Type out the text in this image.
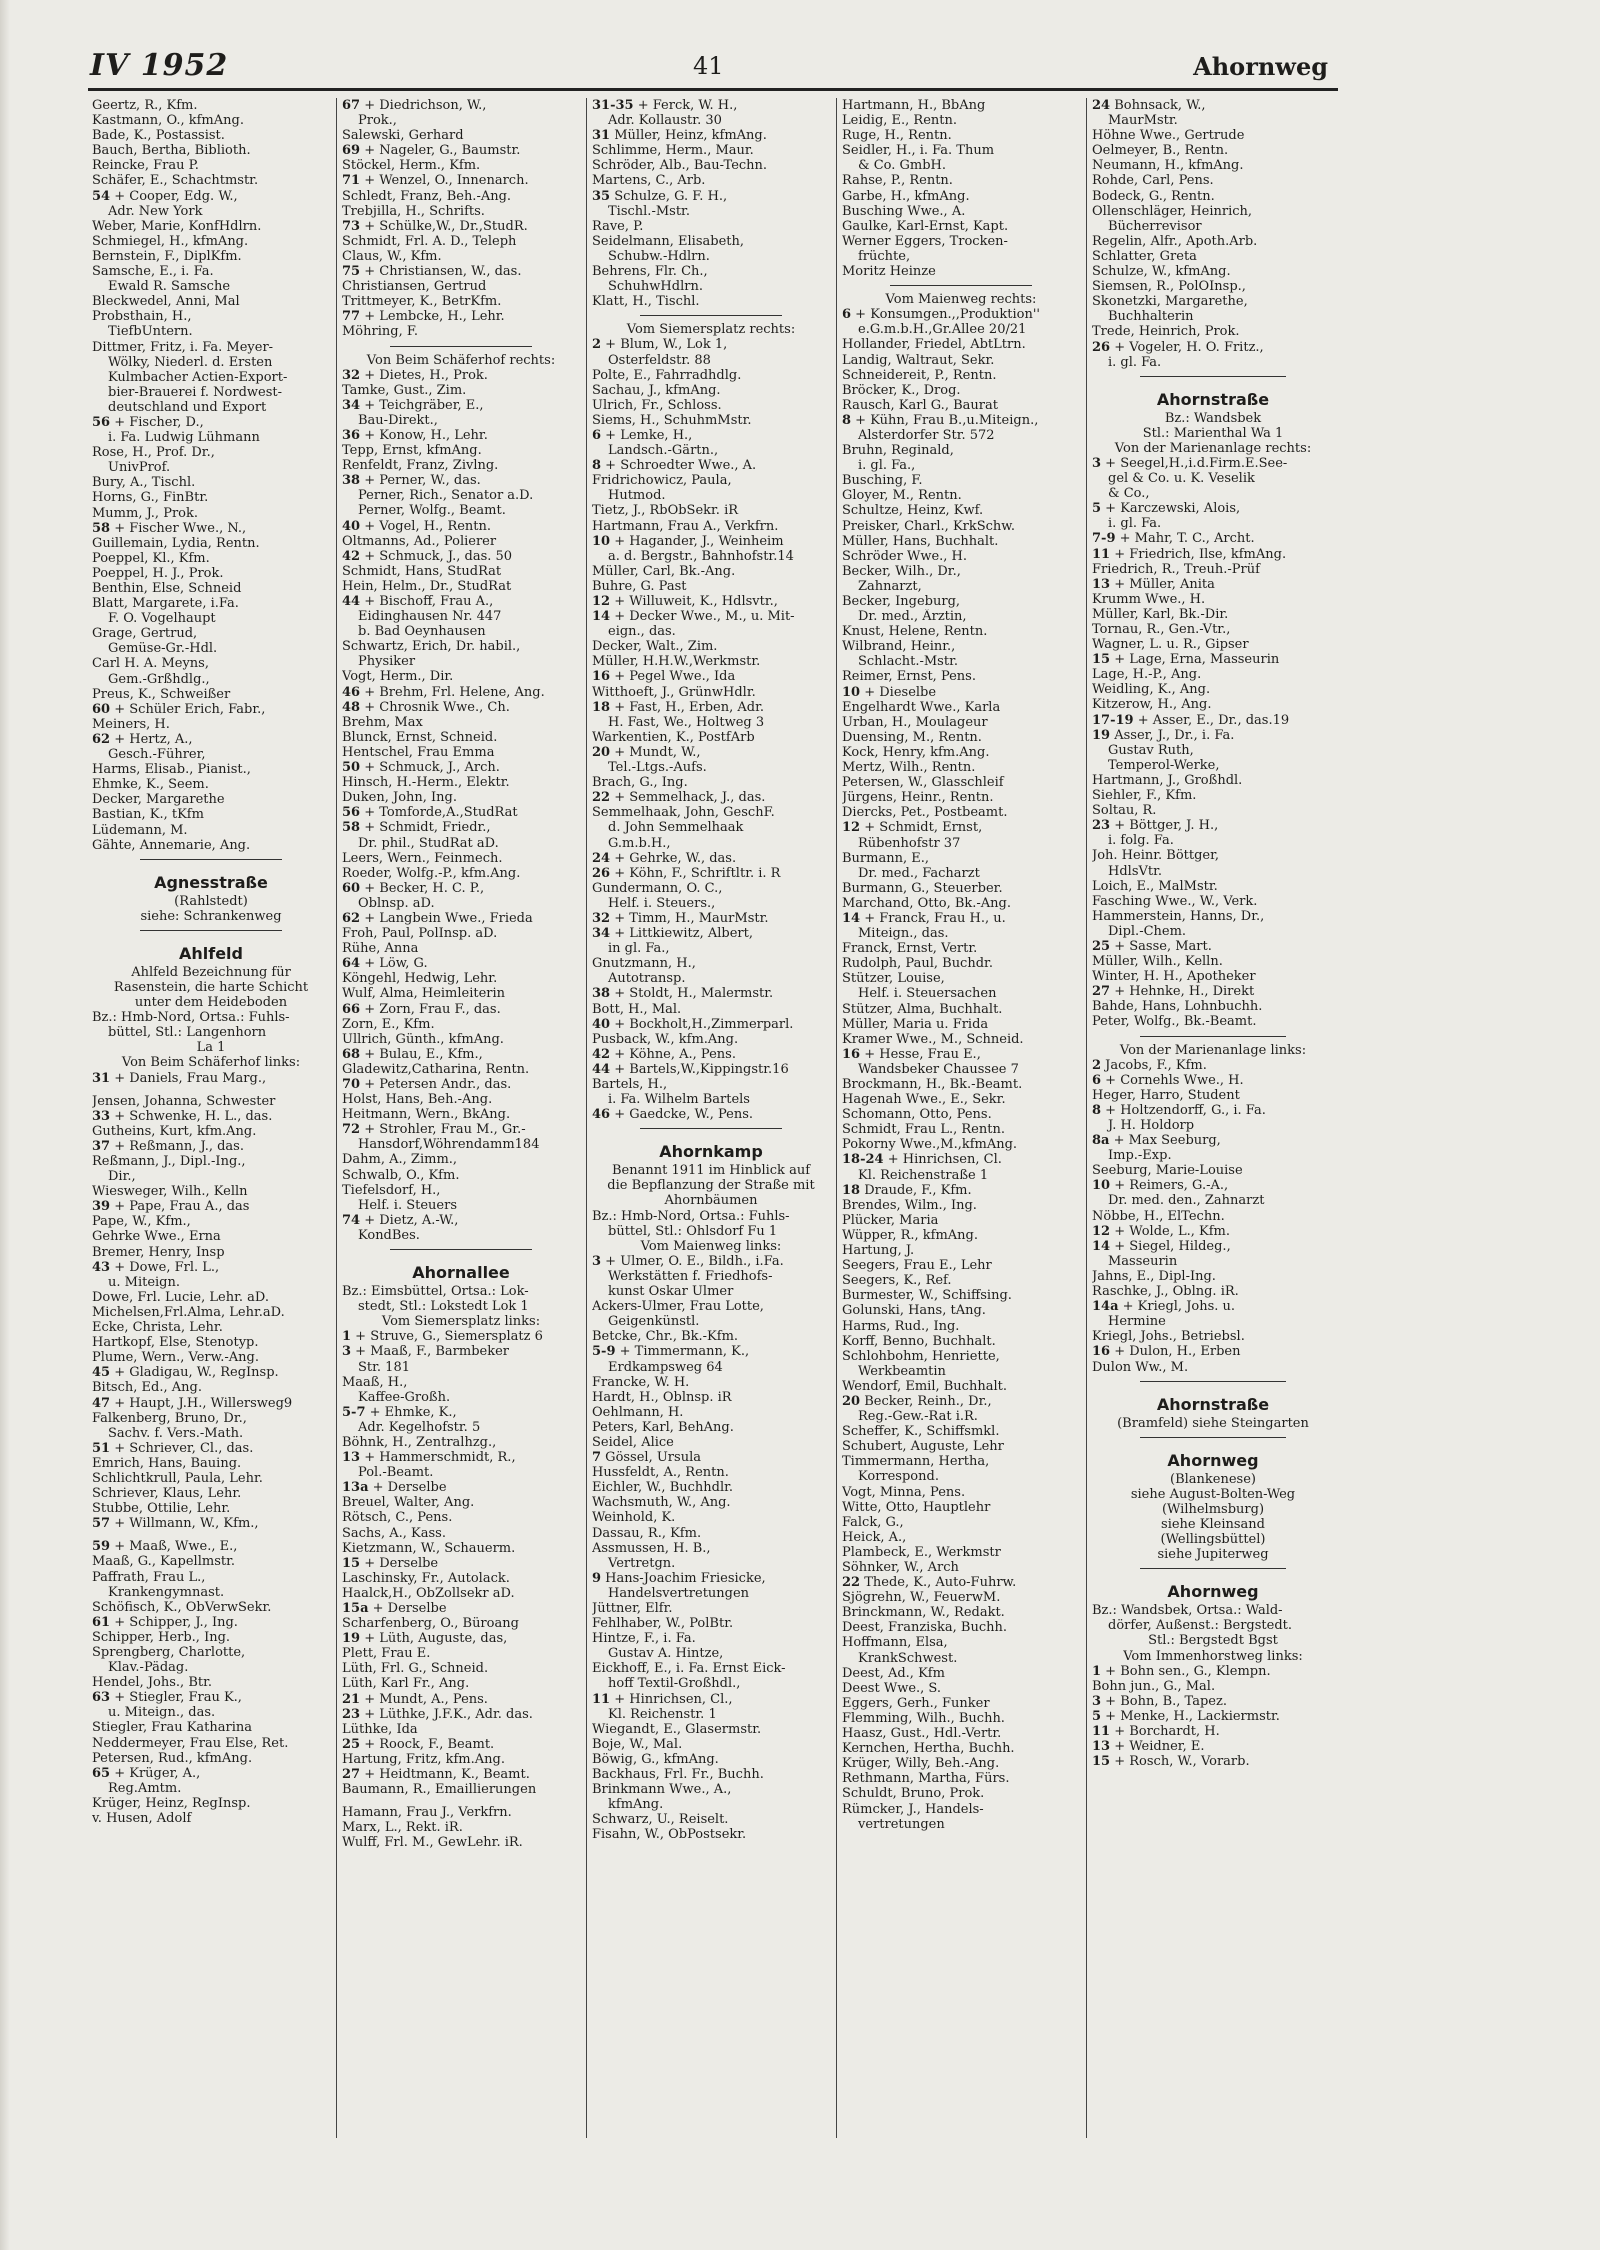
IV 1952	41	Ahornweg
Geertz, R., Kfm.
Kastmann, O., kfmAng.
Bade, K., Postassist.
Bauch, Bertha, Biblioth.
Reincke, Frau P.
Schäfer, E., Schachtmstr.
54 + Cooper, Edg. W.,
Adr. New York
Weber, Marie, KonfHdlrn.
Schmiegel, H., kfmAng.
Bernstein, F., DiplKfm.
Samsche, E., i. Fa.
Ewald R. Samsche
Bleckwedel, Anni, Mal
Probsthain, H.,
TiefbUntern.
Dittmer, Fritz, i. Fa. Meyer-
Wölky, Niederl. d. Ersten
Kulmbacher Actien-Export-
bier-Brauerei f. Nordwest-
deutschland und Export
56 + Fischer, D.,
i. Fa. Ludwig Lühmann
Rose, H., Prof. Dr.,
UnivProf.
Bury, A., Tischl.
Horns, G., FinBtr.
Mumm, J., Prok.
58 + Fischer Wwe., N.,
Guillemain, Lydia, Rentn.
Poeppel, Kl., Kfm.
Poeppel, H. J., Prok.
Benthin, Else, Schneid
Blatt, Margarete, i.Fa.
F. O. Vogelhaupt
Grage, Gertrud,
Gemüse-Gr.-Hdl.
Carl H. A. Meyns,
Gem.-Grßhdlg.,
Preus, K., Schweißer
60 + Schüler Erich, Fabr.,
Meiners, H.
62 + Hertz, A.,
Gesch.-Führer,
Harms, Elisab., Pianist.,
Ehmke, K., Seem.
Decker, Margarethe
Bastian, K., tKfm
Lüdemann, M.
Gähte, Annemarie, Ang.
Agnesstraße
(Rahlstedt)
siehe: Schrankenweg
Ahlfeld
Ahlfeld Bezeichnung für
Rasenstein, die harte Schicht
unter dem Heideboden
Bz.: Hmb-Nord, Ortsa.: Fuhls-
büttel, Stl.: Langenhorn
La 1
Von Beim Schäferhof links:
31 + Daniels, Frau Marg.,
Jensen, Johanna, Schwester
33 + Schwenke, H. L., das.
Gutheins, Kurt, kfm.Ang.
37 + Reßmann, J., das.
Reßmann, J., Dipl.-Ing.,
Dir.,
Wiesweger, Wilh., Kelln
39 + Pape, Frau A., das
Pape, W., Kfm.,
Gehrke Wwe., Erna
Bremer, Henry, Insp
43 + Dowe, Frl. L.,
u. Miteign.
Dowe, Frl. Lucie, Lehr. aD.
Michelsen,Frl.Alma, Lehr.aD.
Ecke, Christa, Lehr.
Hartkopf, Else, Stenotyp.
Plume, Wern., Verw.-Ang.
45 + Gladigau, W., RegInsp.
Bitsch, Ed., Ang.
47 + Haupt, J.H., Willersweg9
Falkenberg, Bruno, Dr.,
Sachv. f. Vers.-Math.
51 + Schriever, Cl., das.
Emrich, Hans, Bauing.
Schlichtkrull, Paula, Lehr.
Schriever, Klaus, Lehr.
Stubbe, Ottilie, Lehr.
57 + Willmann, W., Kfm.,
59 + Maaß, Wwe., E.,
Maaß, G., Kapellmstr.
Paffrath, Frau L.,
Krankengymnast.
Schöfisch, K., ObVerwSekr.
61 + Schipper, J., Ing.
Schipper, Herb., Ing.
Sprengberg, Charlotte,
Klav.-Pädag.
Hendel, Johs., Btr.
63 + Stiegler, Frau K.,
u. Miteign., das.
Stiegler, Frau Katharina
Neddermeyer, Frau Else, Ret.
Petersen, Rud., kfmAng.
65 + Krüger, A.,
Reg.Amtm.
Krüger, Heinz, RegInsp.
v. Husen, Adolf
67 + Diedrichson, W.,
Prok.,
Salewski, Gerhard
69 + Nageler, G., Baumstr.
Stöckel, Herm., Kfm.
71 + Wenzel, O., Innenarch.
Schledt, Franz, Beh.-Ang.
Trebjilla, H., Schrifts.
73 + Schülke,W., Dr.,StudR.
Schmidt, Frl. A. D., Teleph
Claus, W., Kfm.
75 + Christiansen, W., das.
Christiansen, Gertrud
Trittmeyer, K., BetrKfm.
77 + Lembcke, H., Lehr.
Möhring, F.
Von Beim Schäferhof rechts:
32 + Dietes, H., Prok.
Tamke, Gust., Zim.
34 + Teichgräber, E.,
Bau-Direkt.,
36 + Konow, H., Lehr.
Tepp, Ernst, kfmAng.
Renfeldt, Franz, Zivlng.
38 + Perner, W., das.
Perner, Rich., Senator a.D.
Perner, Wolfg., Beamt.
40 + Vogel, H., Rentn.
Oltmanns, Ad., Polierer
42 + Schmuck, J., das. 50
Schmidt, Hans, StudRat
Hein, Helm., Dr., StudRat
44 + Bischoff, Frau A.,
Eidinghausen Nr. 447
b. Bad Oeynhausen
Schwartz, Erich, Dr. habil.,
Physiker
Vogt, Herm., Dir.
46 + Brehm, Frl. Helene, Ang.
48 + Chrosnik Wwe., Ch.
Brehm, Max
Blunck, Ernst, Schneid.
Hentschel, Frau Emma
50 + Schmuck, J., Arch.
Hinsch, H.-Herm., Elektr.
Duken, John, Ing.
56 + Tomforde,A.,StudRat
58 + Schmidt, Friedr.,
Dr. phil., StudRat aD.
Leers, Wern., Feinmech.
Roeder, Wolfg.-P., kfm.Ang.
60 + Becker, H. C. P.,
Oblnsp. aD.
62 + Langbein Wwe., Frieda
Froh, Paul, PolInsp. aD.
Rühe, Anna
64 + Löw, G.
Köngehl, Hedwig, Lehr.
Wulf, Alma, Heimleiterin
66 + Zorn, Frau F., das.
Zorn, E., Kfm.
Ullrich, Günth., kfmAng.
68 + Bulau, E., Kfm.,
Gladewitz,Catharina, Rentn.
70 + Petersen Andr., das.
Holst, Hans, Beh.-Ang.
Heitmann, Wern., BkAng.
72 + Strohler, Frau M., Gr.-
Hansdorf,Wöhrendamm184
Dahm, A., Zimm.,
Schwalb, O., Kfm.
Tiefelsdorf, H.,
Helf. i. Steuers
74 + Dietz, A.-W.,
KondBes.
Ahornallee
Bz.: Eimsbüttel, Ortsa.: Lok-
stedt, Stl.: Lokstedt Lok 1
Vom Siemersplatz links:
1 + Struve, G., Siemersplatz 6
3 + Maaß, F., Barmbeker
Str. 181
Maaß, H.,
Kaffee-Großh.
5-7 + Ehmke, K.,
Adr. Kegelhofstr. 5
Böhnk, H., Zentralhzg.,
13 + Hammerschmidt, R.,
Pol.-Beamt.
13a + Derselbe
Breuel, Walter, Ang.
Rötsch, C., Pens.
Sachs, A., Kass.
Kietzmann, W., Schauerm.
15 + Derselbe
Laschinsky, Fr., Autolack.
Haalck,H., ObZollsekr aD.
15a + Derselbe
Scharfenberg, O., Büroang
19 + Lüth, Auguste, das,
Plett, Frau E.
Lüth, Frl. G., Schneid.
Lüth, Karl Fr., Ang.
21 + Mundt, A., Pens.
23 + Lüthke, J.F.K., Adr. das.
Lüthke, Ida
25 + Roock, F., Beamt.
Hartung, Fritz, kfm.Ang.
27 + Heidtmann, K., Beamt.
Baumann, R., Emaillierungen
Hamann, Frau J., Verkfrn.
Marx, L., Rekt. iR.
Wulff, Frl. M., GewLehr. iR.
31-35 + Ferck, W. H.,
Adr. Kollaustr. 30
31 Müller, Heinz, kfmAng.
Schlimme, Herm., Maur.
Schröder, Alb., Bau-Techn.
Martens, C., Arb.
35 Schulze, G. F. H.,
Tischl.-Mstr.
Rave, P.
Seidelmann, Elisabeth,
Schubw.-Hdlrn.
Behrens, Flr. Ch.,
SchuhwHdlrn.
Klatt, H., Tischl.
Vom Siemersplatz rechts:
2 + Blum, W., Lok 1,
Osterfeldstr. 88
Polte, E., Fahrradhdlg.
Sachau, J., kfmAng.
Ulrich, Fr., Schloss.
Siems, H., SchuhmMstr.
6 + Lemke, H.,
Landsch.-Gärtn.,
8 + Schroedter Wwe., A.
Fridrichowicz, Paula,
Hutmod.
Tietz, J., RbObSekr. iR
Hartmann, Frau A., Verkfrn.
10 + Hagander, J., Weinheim
a. d. Bergstr., Bahnhofstr.14
Müller, Carl, Bk.-Ang.
Buhre, G. Past
12 + Willuweit, K., Hdlsvtr.,
14 + Decker Wwe., M., u. Mit-
eign., das.
Decker, Walt., Zim.
Müller, H.H.W.,Werkmstr.
16 + Pegel Wwe., Ida
Witthoeft, J., GrünwHdlr.
18 + Fast, H., Erben, Adr.
H. Fast, We., Holtweg 3
Warkentien, K., PostfArb
20 + Mundt, W.,
Tel.-Ltgs.-Aufs.
Brach, G., Ing.
22 + Semmelhack, J., das.
Semmelhaak, John, GeschF.
d. John Semmelhaak
G.m.b.H.,
24 + Gehrke, W., das.
26 + Köhn, F., Schriftltr. i. R
Gundermann, O. C.,
Helf. i. Steuers.,
32 + Timm, H., MaurMstr.
34 + Littkiewitz, Albert,
in gl. Fa.,
Gnutzmann, H.,
Autotransp.
38 + Stoldt, H., Malermstr.
Bott, H., Mal.
40 + Bockholt,H.,Zimmerparl.
Pusback, W., kfm.Ang.
42 + Köhne, A., Pens.
44 + Bartels,W.,Kippingstr.16
Bartels, H.,
i. Fa. Wilhelm Bartels
46 + Gaedcke, W., Pens.
Ahornkamp
Benannt 1911 im Hinblick auf
die Bepflanzung der Straße mit
Ahornbäumen
Bz.: Hmb-Nord, Ortsa.: Fuhls-
büttel, Stl.: Ohlsdorf Fu 1
Vom Maienweg links:
3 + Ulmer, O. E., Bildh., i.Fa.
Werkstätten f. Friedhofs-
kunst Oskar Ulmer
Ackers-Ulmer, Frau Lotte,
Geigenkünstl.
Betcke, Chr., Bk.-Kfm.
5-9 + Timmermann, K.,
Erdkampsweg 64
Francke, W. H.
Hardt, H., Oblnsp. iR
Oehlmann, H.
Peters, Karl, BehAng.
Seidel, Alice
7 Gössel, Ursula
Hussfeldt, A., Rentn.
Eichler, W., Buchhdlr.
Wachsmuth, W., Ang.
Weinhold, K.
Dassau, R., Kfm.
Assmussen, H. B.,
Vertretgn.
9 Hans-Joachim Friesicke,
Handelsvertretungen
Jüttner, Elfr.
Fehlhaber, W., PolBtr.
Hintze, F., i. Fa.
Gustav A. Hintze,
Eickhoff, E., i. Fa. Ernst Eick-
hoff Textil-Großhdl.,
11 + Hinrichsen, Cl.,
Kl. Reichenstr. 1
Wiegandt, E., Glasermstr.
Boje, W., Mal.
Böwig, G., kfmAng.
Backhaus, Frl. Fr., Buchh.
Brinkmann Wwe., A.,
kfmAng.
Schwarz, U., Reiselt.
Fisahn, W., ObPostsekr.
Hartmann, H., BbAng
Leidig, E., Rentn.
Ruge, H., Rentn.
Seidler, H., i. Fa. Thum
& Co. GmbH.
Rahse, P., Rentn.
Garbe, H., kfmAng.
Busching Wwe., A.
Gaulke, Karl-Ernst, Kapt.
Werner Eggers, Trocken-
früchte,
Moritz Heinze
Vom Maienweg rechts:
6 + Konsumgen.,,Produktion''
e.G.m.b.H.,Gr.Allee 20/21
Hollander, Friedel, AbtLtrn.
Landig, Waltraut, Sekr.
Schneidereit, P., Rentn.
Bröcker, K., Drog.
Rausch, Karl G., Baurat
8 + Kühn, Frau B.,u.Miteign.,
Alsterdorfer Str. 572
Bruhn, Reginald,
i. gl. Fa.,
Busching, F.
Gloyer, M., Rentn.
Schultze, Heinz, Kwf.
Preisker, Charl., KrkSchw.
Müller, Hans, Buchhalt.
Schröder Wwe., H.
Becker, Wilh., Dr.,
Zahnarzt,
Becker, Ingeburg,
Dr. med., Ärztin,
Knust, Helene, Rentn.
Wilbrand, Heinr.,
Schlacht.-Mstr.
Reimer, Ernst, Pens.
10 + Dieselbe
Engelhardt Wwe., Karla
Urban, H., Moulageur
Duensing, M., Rentn.
Kock, Henry, kfm.Ang.
Mertz, Wilh., Rentn.
Petersen, W., Glasschleif
Jürgens, Heinr., Rentn.
Diercks, Pet., Postbeamt.
12 + Schmidt, Ernst,
Rübenhofstr 37
Burmann, E.,
Dr. med., Facharzt
Burmann, G., Steuerber.
Marchand, Otto, Bk.-Ang.
14 + Franck, Frau H., u.
Miteign., das.
Franck, Ernst, Vertr.
Rudolph, Paul, Buchdr.
Stützer, Louise,
Helf. i. Steuersachen
Stützer, Alma, Buchhalt.
Müller, Maria u. Frida
Kramer Wwe., M., Schneid.
16 + Hesse, Frau E.,
Wandsbeker Chaussee 7
Brockmann, H., Bk.-Beamt.
Hagenah Wwe., E., Sekr.
Schomann, Otto, Pens.
Schmidt, Frau L., Rentn.
Pokorny Wwe.,M.,kfmAng.
18-24 + Hinrichsen, Cl.
Kl. Reichenstraße 1
18 Draude, F., Kfm.
Brendes, Wilm., Ing.
Plücker, Maria
Wüpper, R., kfmAng.
Hartung, J.
Seegers, Frau E., Lehr
Seegers, K., Ref.
Burmester, W., Schiffsing.
Golunski, Hans, tAng.
Harms, Rud., Ing.
Korff, Benno, Buchhalt.
Schlohbohm, Henriette,
Werkbeamtin
Wendorf, Emil, Buchhalt.
20 Becker, Reinh., Dr.,
Reg.-Gew.-Rat i.R.
Scheffer, K., Schiffsmkl.
Schubert, Auguste, Lehr
Timmermann, Hertha,
Korrespond.
Vogt, Minna, Pens.
Witte, Otto, Hauptlehr
Falck, G.,
Heick, A.,
Plambeck, E., Werkmstr
Söhnker, W., Arch
22 Thede, K., Auto-Fuhrw.
Sjögrehn, W., FeuerwM.
Brinckmann, W., Redakt.
Deest, Franziska, Buchh.
Hoffmann, Elsa,
KrankSchwest.
Deest, Ad., Kfm
Deest Wwe., S.
Eggers, Gerh., Funker
Flemming, Wilh., Buchh.
Haasz, Gust., Hdl.-Vertr.
Kernchen, Hertha, Buchh.
Krüger, Willy, Beh.-Ang.
Rethmann, Martha, Fürs.
Schuldt, Bruno, Prok.
Rümcker, J., Handels-
vertretungen
24 Bohnsack, W.,
MaurMstr.
Höhne Wwe., Gertrude
Oelmeyer, B., Rentn.
Neumann, H., kfmAng.
Rohde, Carl, Pens.
Bodeck, G., Rentn.
Ollenschläger, Heinrich,
Bücherrevisor
Regelin, Alfr., Apoth.Arb.
Schlatter, Greta
Schulze, W., kfmAng.
Siemsen, R., PolOInsp.,
Skonetzki, Margarethe,
Buchhalterin
Trede, Heinrich, Prok.
26 + Vogeler, H. O. Fritz.,
i. gl. Fa.
Ahornstraße
Bz.: Wandsbek
Stl.: Marienthal Wa 1
Von der Marienanlage rechts:
3 + Seegel,H.,i.d.Firm.E.See-
gel & Co. u. K. Veselik
& Co.,
5 + Karczewski, Alois,
i. gl. Fa.
7-9 + Mahr, T. C., Archt.
11 + Friedrich, Ilse, kfmAng.
Friedrich, R., Treuh.-Prüf
13 + Müller, Anita
Krumm Wwe., H.
Müller, Karl, Bk.-Dir.
Tornau, R., Gen.-Vtr.,
Wagner, L. u. R., Gipser
15 + Lage, Erna, Masseurin
Lage, H.-P., Ang.
Weidling, K., Ang.
Kitzerow, H., Ang.
17-19 + Asser, E., Dr., das.19
19 Asser, J., Dr., i. Fa.
Gustav Ruth,
Temperol-Werke,
Hartmann, J., Großhdl.
Siehler, F., Kfm.
Soltau, R.
23 + Böttger, J. H.,
i. folg. Fa.
Joh. Heinr. Böttger,
HdlsVtr.
Loich, E., MalMstr.
Fasching Wwe., W., Verk.
Hammerstein, Hanns, Dr.,
Dipl.-Chem.
25 + Sasse, Mart.
Müller, Wilh., Kelln.
Winter, H. H., Apotheker
27 + Hehnke, H., Direkt
Bahde, Hans, Lohnbuchh.
Peter, Wolfg., Bk.-Beamt.
Von der Marienanlage links:
2 Jacobs, F., Kfm.
6 + Cornehls Wwe., H.
Heger, Harro, Student
8 + Holtzendorff, G., i. Fa.
J. H. Holdorp
8a + Max Seeburg,
Imp.-Exp.
Seeburg, Marie-Louise
10 + Reimers, G.-A.,
Dr. med. den., Zahnarzt
Nöbbe, H., ElTechn.
12 + Wolde, L., Kfm.
14 + Siegel, Hildeg.,
Masseurin
Jahns, E., Dipl-Ing.
Raschke, J., Oblng. iR.
14a + Kriegl, Johs. u.
Hermine
Kriegl, Johs., Betriebsl.
16 + Dulon, H., Erben
Dulon Ww., M.
Ahornstraße
(Bramfeld) siehe Steingarten
Ahornweg
(Blankenese)
siehe August-Bolten-Weg
(Wilhelmsburg)
siehe Kleinsand
(Wellingsbüttel)
siehe Jupiterweg
Ahornweg
Bz.: Wandsbek, Ortsa.: Wald-
dörfer, Außenst.: Bergstedt.
Stl.: Bergstedt Bgst
Vom Immenhorstweg links:
1 + Bohn sen., G., Klempn.
Bohn jun., G., Mal.
3 + Bohn, B., Tapez.
5 + Menke, H., Lackiermstr.
11 + Borchardt, H.
13 + Weidner, E.
15 + Rosch, W., Vorarb.
